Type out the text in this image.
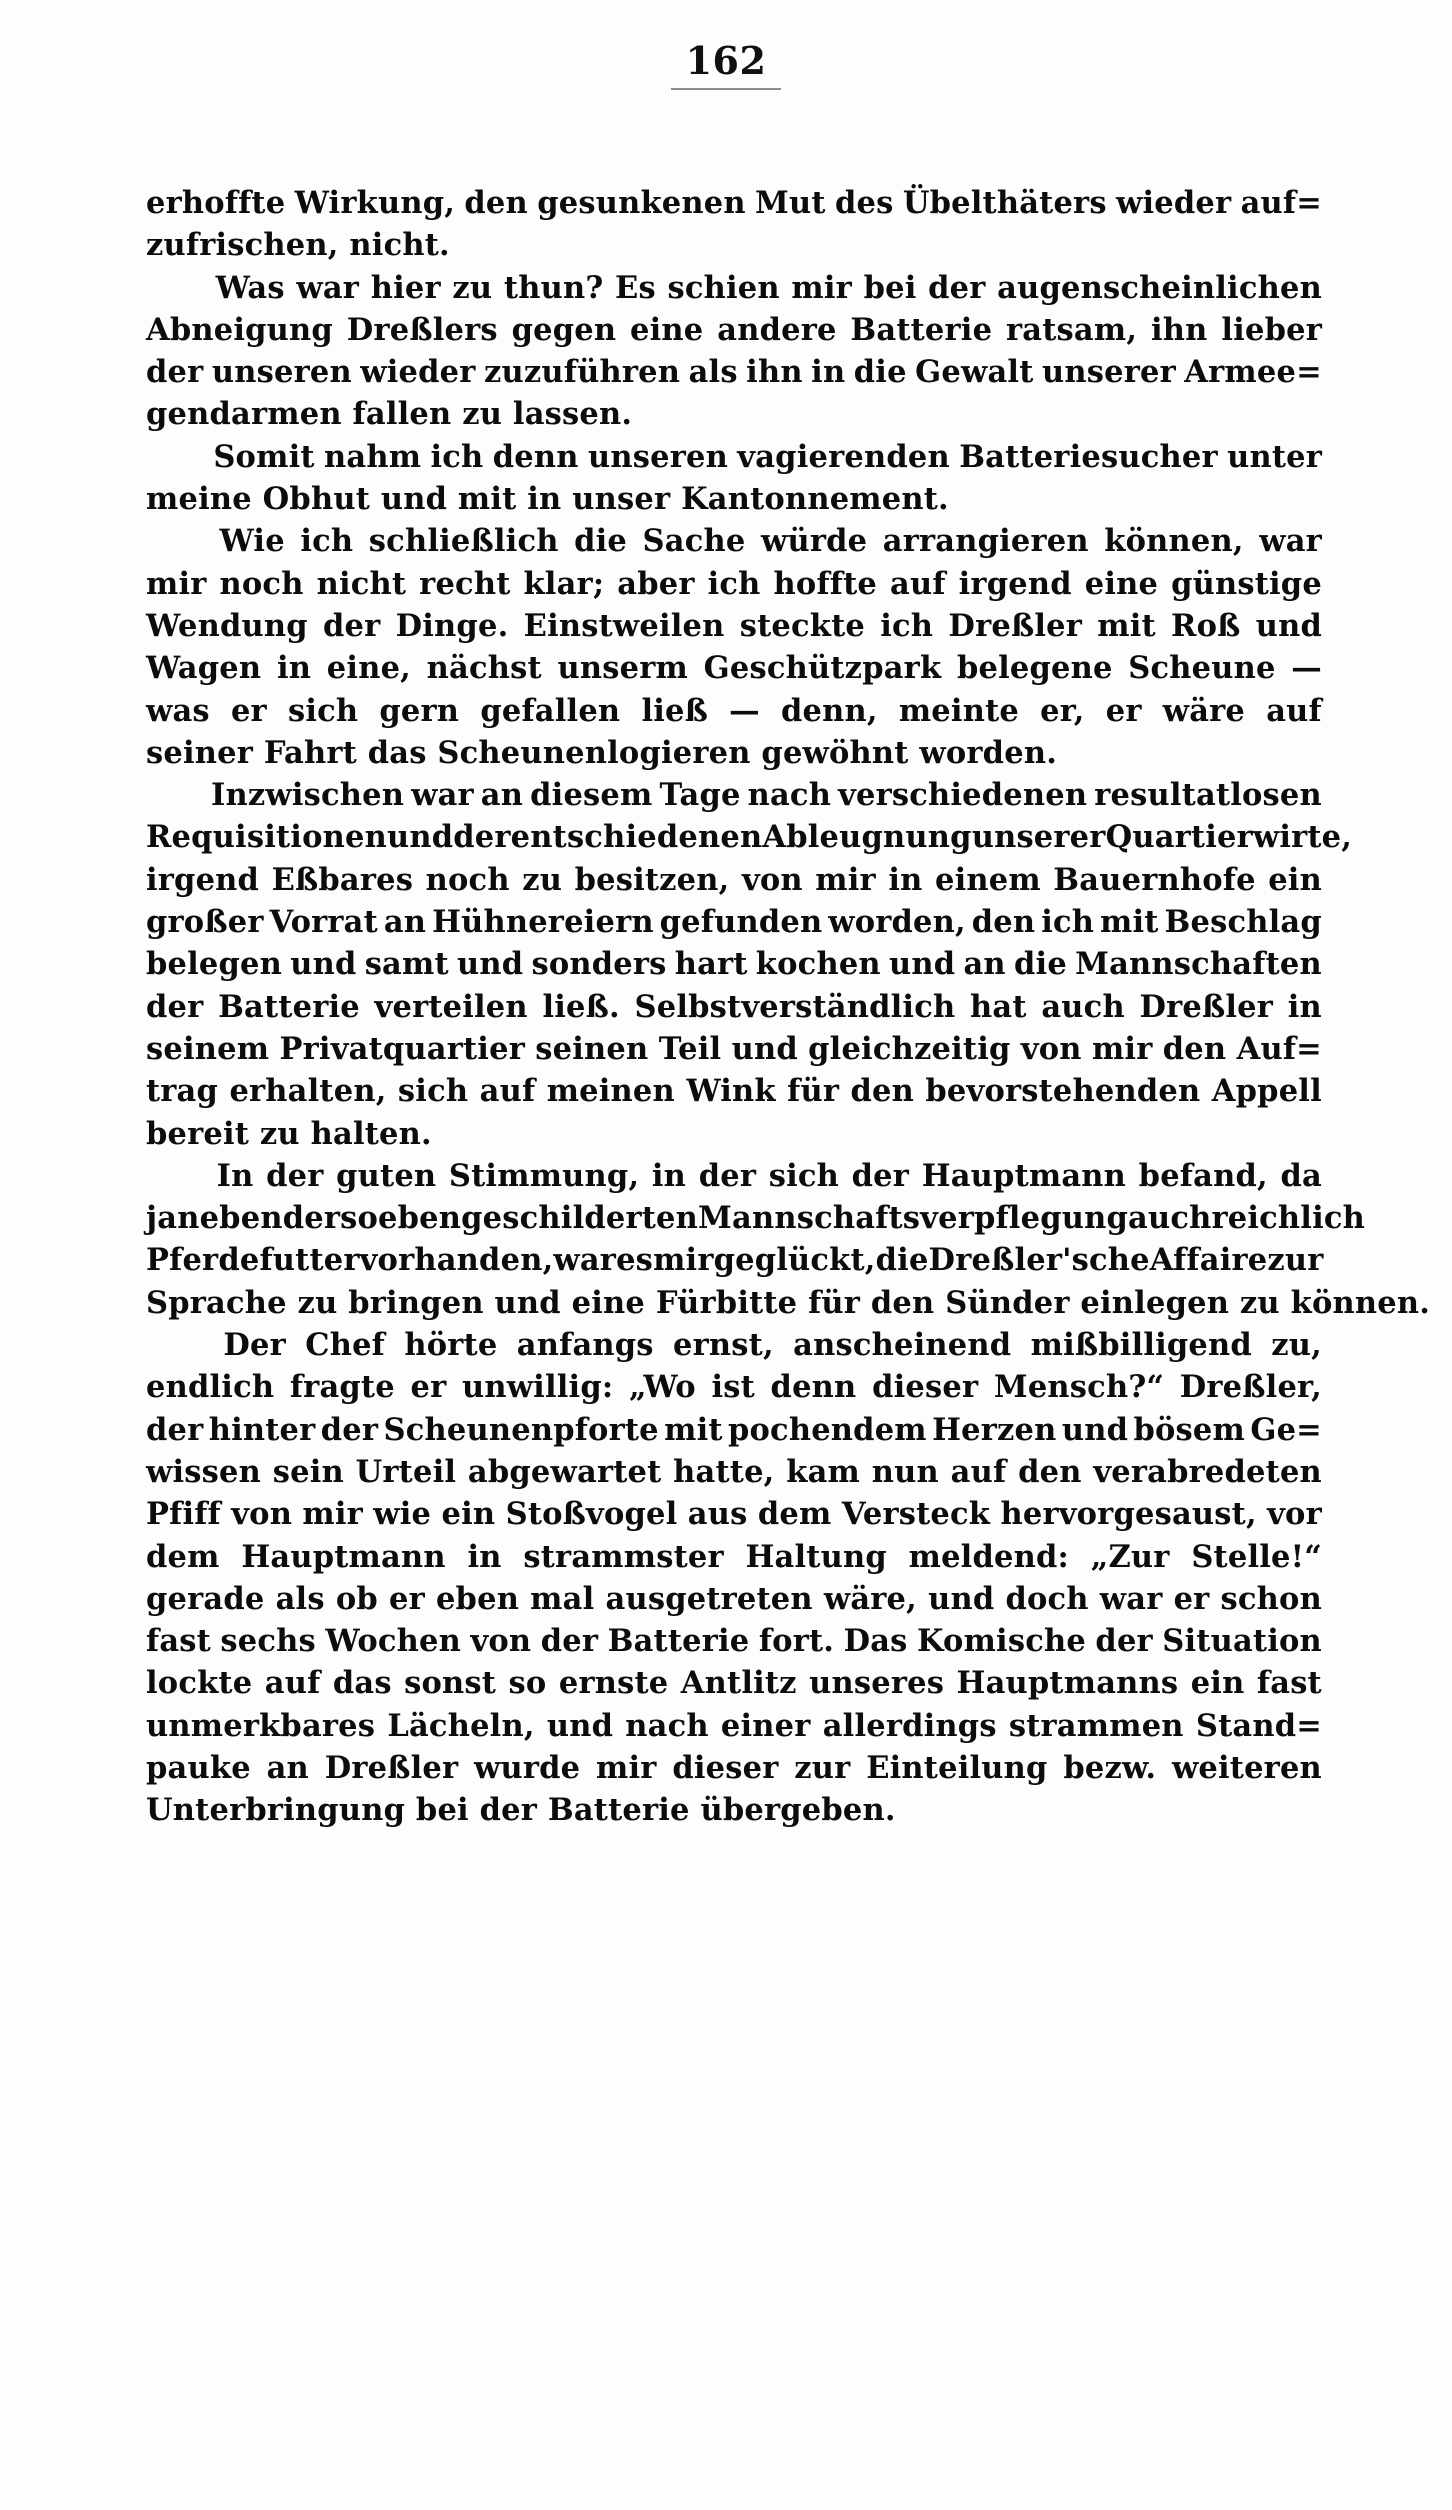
162

erhoffte Wirkung, den gesunkenen Mut des Übelthäters wieder auf=
zufrischen, nicht.

Was war hier zu thun? Es schien mir bei der augenscheinlichen
Abneigung Dreßlers gegen eine andere Batterie ratsam, ihn lieber
der unseren wieder zuzuführen als ihn in die Gewalt unserer Armee=
gendarmen fallen zu lassen.

Somit nahm ich denn unseren vagierenden Batteriesucher unter
meine Obhut und mit in unser Kantonnement.

Wie ich schließlich die Sache würde arrangieren können, war
mir noch nicht recht klar; aber ich hoffte auf irgend eine günstige
Wendung der Dinge. Einstweilen steckte ich Dreßler mit Roß und
Wagen in eine, nächst unserm Geschützpark belegene Scheune —
was er sich gern gefallen ließ — denn, meinte er, er wäre auf
seiner Fahrt das Scheunenlogieren gewöhnt worden.

Inzwischen war an diesem Tage nach verschiedenen resultatlosen
Requisitionen und der entschiedenen Ableugnung unserer Quartierwirte,
irgend Eßbares noch zu besitzen, von mir in einem Bauernhofe ein
großer Vorrat an Hühnereiern gefunden worden, den ich mit Beschlag
belegen und samt und sonders hart kochen und an die Mannschaften
der Batterie verteilen ließ. Selbstverständlich hat auch Dreßler in
seinem Privatquartier seinen Teil und gleichzeitig von mir den Auf=
trag erhalten, sich auf meinen Wink für den bevorstehenden Appell
bereit zu halten.

In der guten Stimmung, in der sich der Hauptmann befand, da
ja neben der soeben geschilderten Mannschaftsverpflegung auch reichlich
Pferdefutter vorhanden, war es mir geglückt, die Dreßler'sche Affaire zur
Sprache zu bringen und eine Fürbitte für den Sünder einlegen zu können.

Der Chef hörte anfangs ernst, anscheinend mißbilligend zu,
endlich fragte er unwillig: „Wo ist denn dieser Mensch?“ Dreßler,
der hinter der Scheunenpforte mit pochendem Herzen und bösem Ge=
wissen sein Urteil abgewartet hatte, kam nun auf den verabredeten
Pfiff von mir wie ein Stoßvogel aus dem Versteck hervorgesaust, vor
dem Hauptmann in strammster Haltung meldend: „Zur Stelle!“
gerade als ob er eben mal ausgetreten wäre, und doch war er schon
fast sechs Wochen von der Batterie fort. Das Komische der Situation
lockte auf das sonst so ernste Antlitz unseres Hauptmanns ein fast
unmerkbares Lächeln, und nach einer allerdings strammen Stand=
pauke an Dreßler wurde mir dieser zur Einteilung bezw. weiteren
Unterbringung bei der Batterie übergeben.
